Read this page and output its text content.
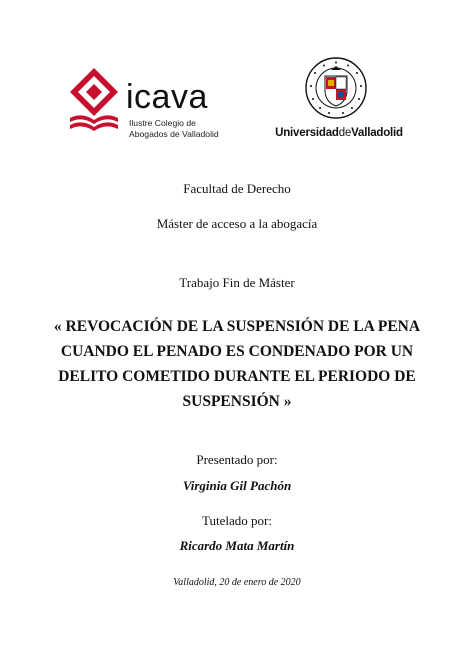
icava
Ilustre Colegio de
Abogados de Valladolid	UniversidaddeValladolid
Facultad de Derecho
Máster de acceso a la abogacía
Trabajo Fin de Máster
« REVOCACIÓN DE LA SUSPENSIÓN DE LA PENA CUANDO EL PENADO ES CONDENADO POR UN DELITO COMETIDO DURANTE EL PERIODO DE SUSPENSIÓN »
Presentado por:
Virginia Gil Pachón
Tutelado por:
Ricardo Mata Martín
Valladolid, 20 de enero de 2020
